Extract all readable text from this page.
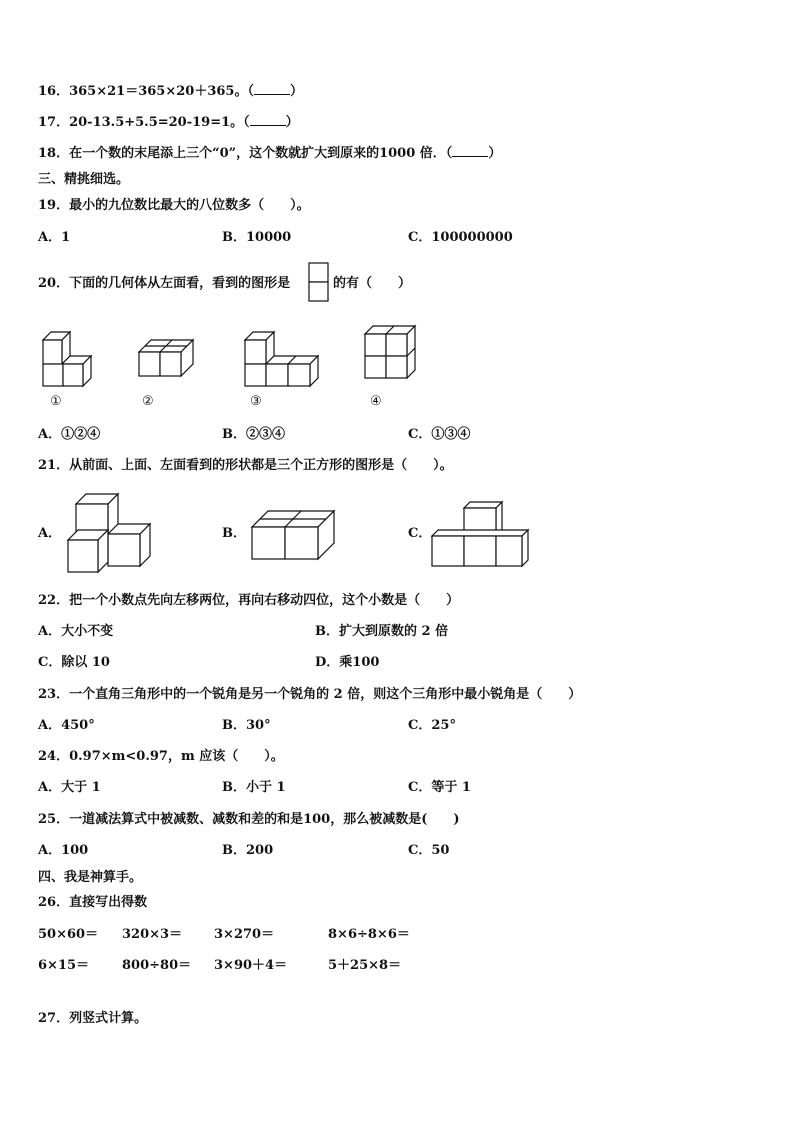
16．365×21＝365×20＋365。（	）
17．20-13.5+5.5=20-19=1。（	）
18．在一个数的末尾添上三个“0”，这个数就扩大到原来的1000 倍．（	）
三、精挑细选。
19．最小的九位数比最大的八位数多（　　）。
A．1	B．10000	C．100000000
20．下面的几何体从左面看，看到的图形是	的有（　　）
①	②	③	④
A．①②④	B．②③④	C．①③④
21．从前面、上面、左面看到的形状都是三个正方形的图形是（　　）。
A．	B．	C．
22．把一个小数点先向左移两位，再向右移动四位，这个小数是（　　）
A．大小不变	B．扩大到原数的 2 倍
C．除以 10	D．乘100
23．一个直角三角形中的一个锐角是另一个锐角的 2 倍，则这个三角形中最小锐角是（　　）
A．450°	B．30°	C．25°
24．0.97×m<0.97，m 应该（　　）。
A．大于 1	B．小于 1	C．等于 1
25．一道减法算式中被减数、减数和差的和是100，那么被减数是(　　)
A．100	B．200	C．50
四、我是神算手。
26．直接写出得数
50×60＝ 320×3＝ 3×270＝	8×6÷8×6＝
6×15＝	800÷80＝ 3×90＋4＝	5＋25×8＝
27．列竖式计算。
